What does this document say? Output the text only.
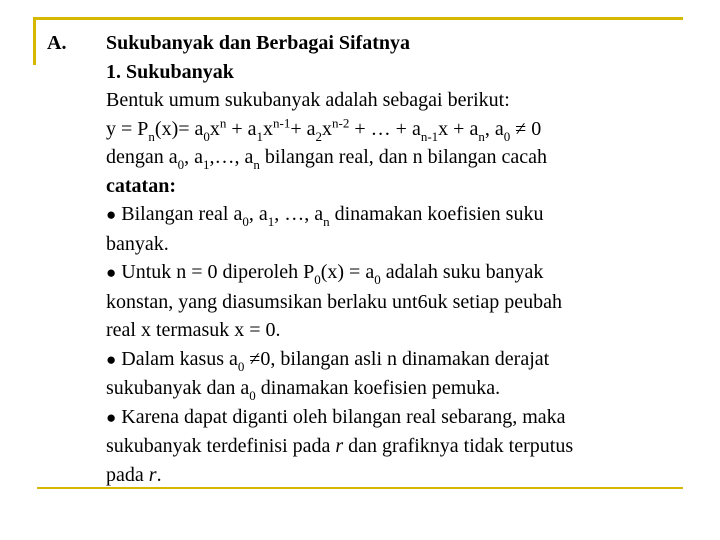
A. Sukubanyak dan Berbagai Sifatnya
1. Sukubanyak
Bentuk umum sukubanyak adalah sebagai berikut:
$y = P_n(x)= a_0x^n + a_1x^{n-1}+ a_2x^{n-2}$ + … + $a_{n-1}x + a_n$, $a_0 \ne 0$
dengan $a_0$, $a_1,\dots$, $a_n$ bilangan real, dan n bilangan cacah
catatan:
● Bilangan real $a_0$, $a_1$, …, $a_n$ dinamakan koefisien suku
banyak.
● Untuk n = 0 diperoleh $P_0(x) = a_0$ adalah suku banyak
konstan, yang diasumsikan berlaku unt6uk setiap peubah
real x termasuk x = 0.
● Dalam kasus $a_0 \ne 0$, bilangan asli n dinamakan derajat
sukubanyak dan $a_0$ dinamakan koefisien pemuka.
● Karena dapat diganti oleh bilangan real sebarang, maka
sukubanyak terdefinisi pada r dan grafiknya tidak terputus
pada r.
